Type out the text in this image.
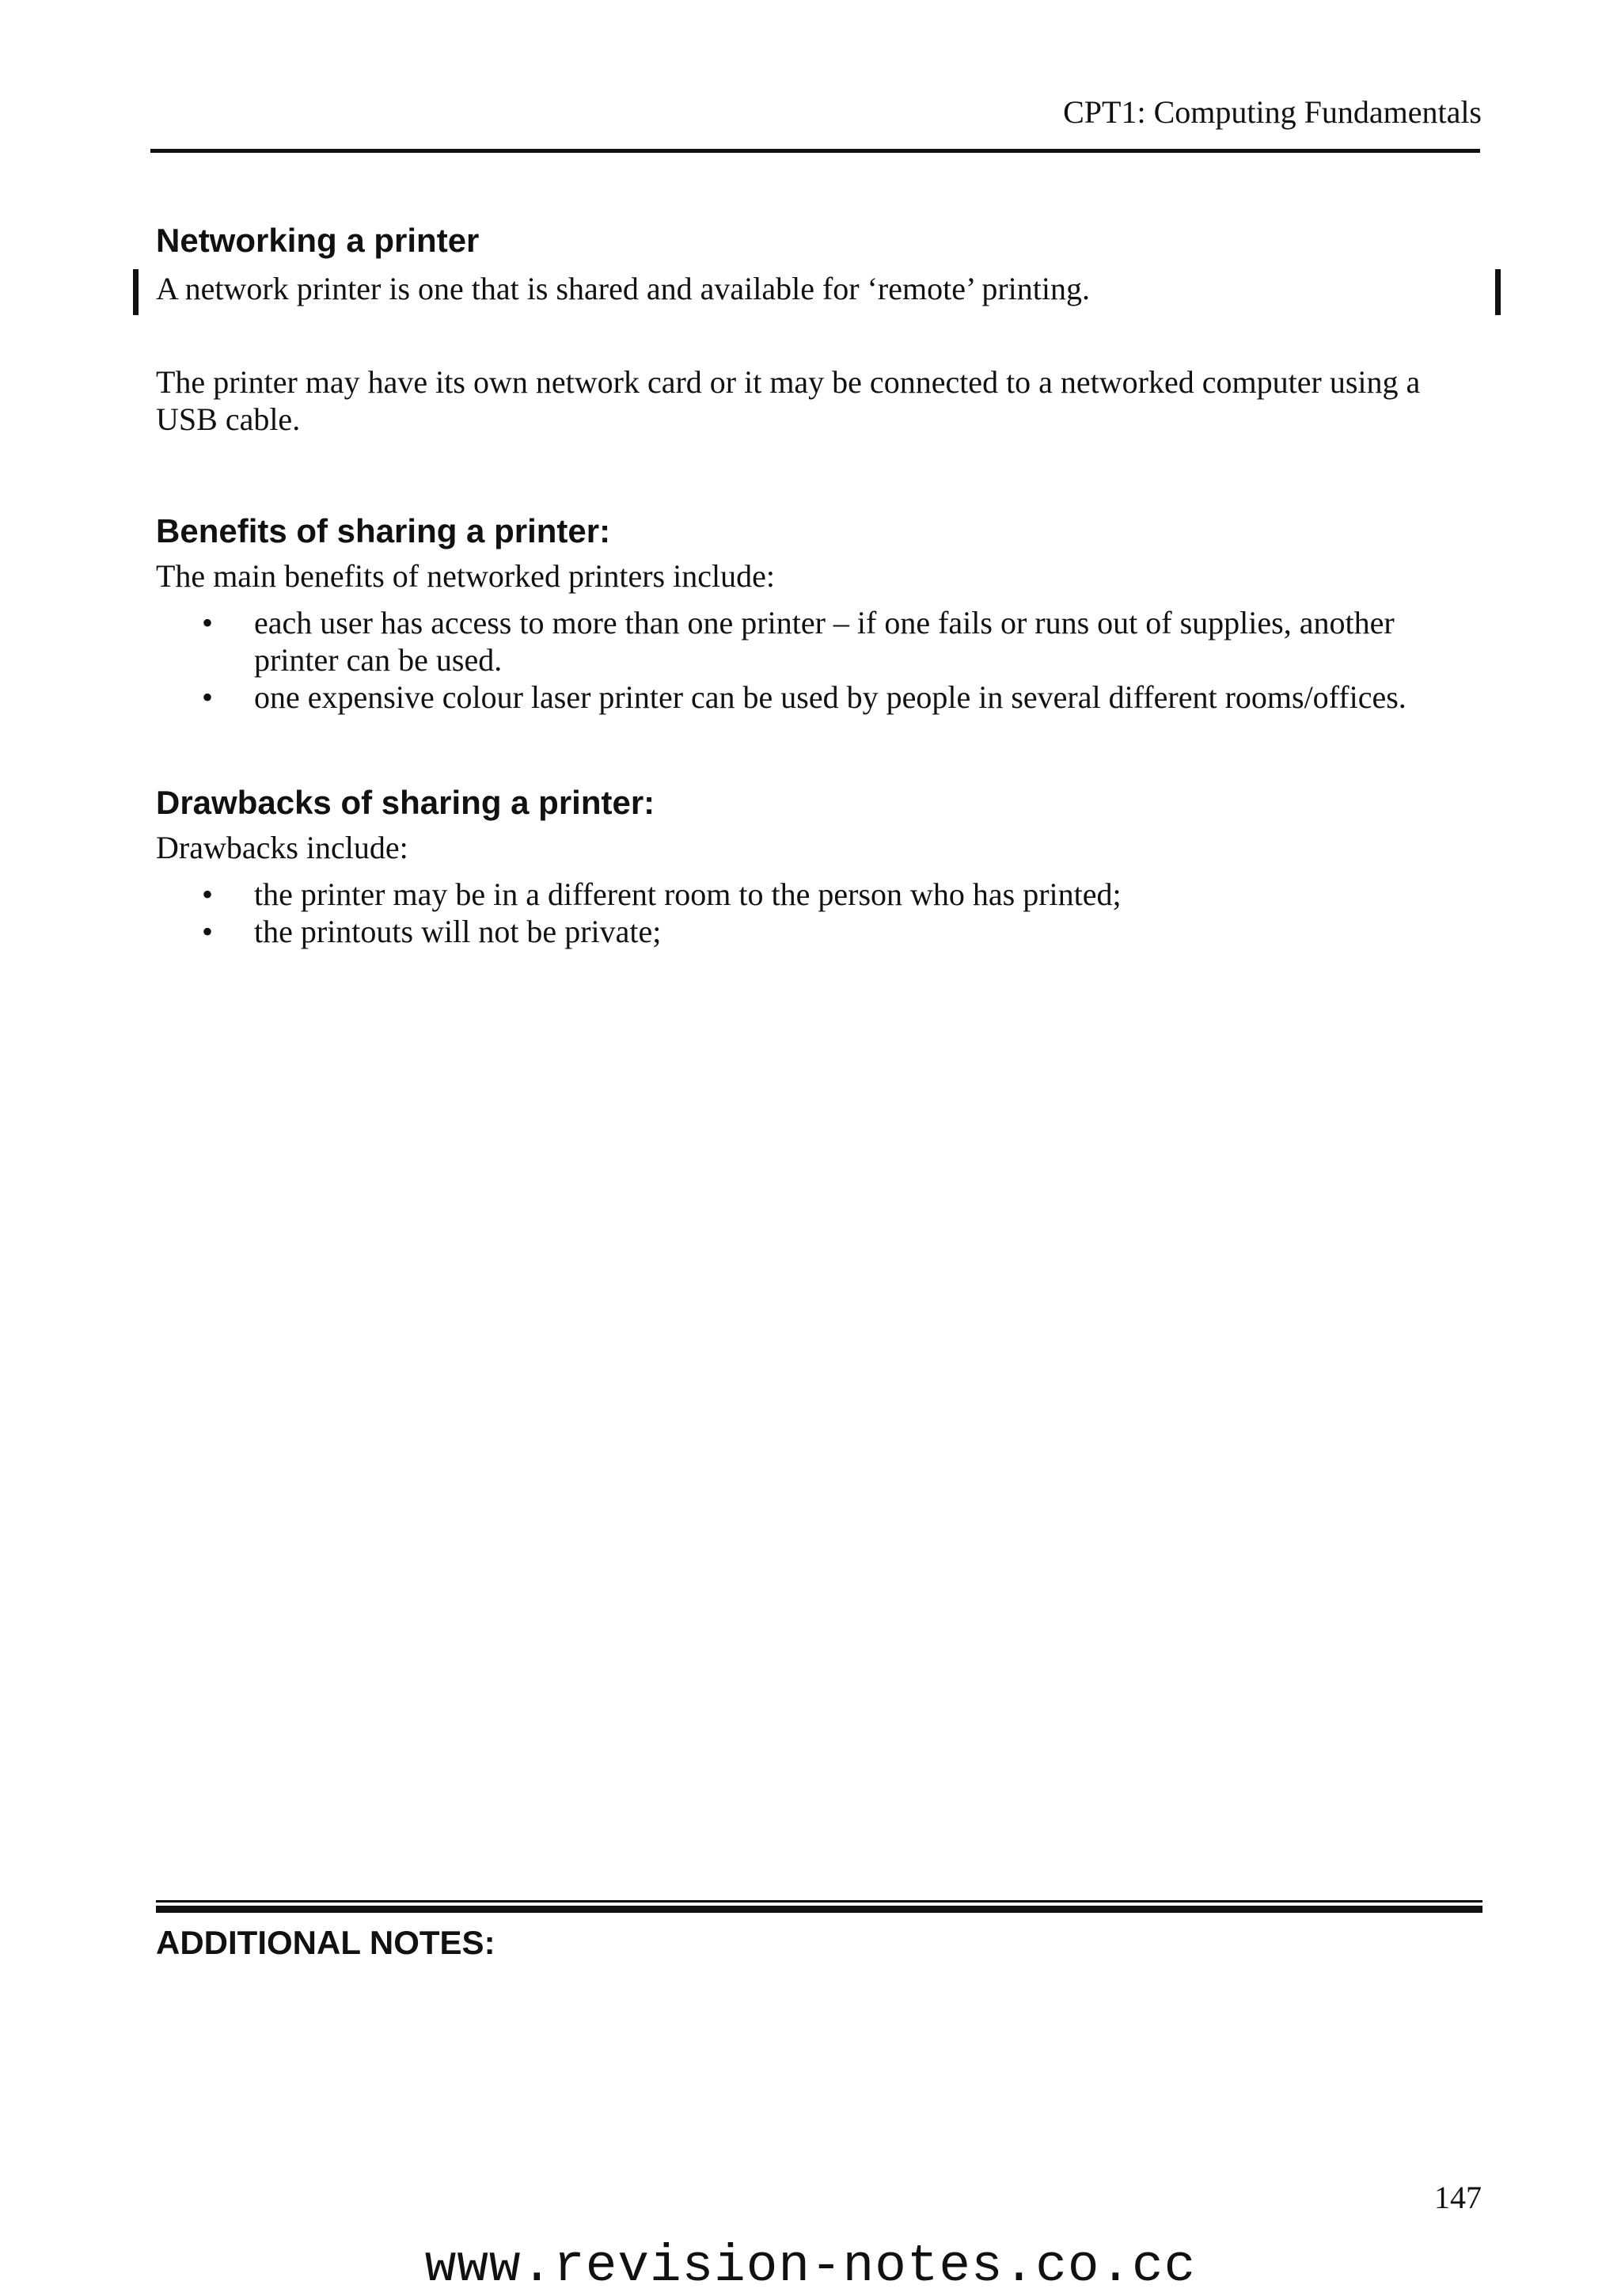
CPT1: Computing Fundamentals
Networking a printer
A network printer is one that is shared and available for ‘remote’ printing.
The printer may have its own network card or it may be connected to a networked computer using a
USB cable.
Benefits of sharing a printer:
The main benefits of networked printers include:
• each user has access to more than one printer – if one fails or runs out of supplies, another
printer can be used.
• one expensive colour laser printer can be used by people in several different rooms/offices.
Drawbacks of sharing a printer:
Drawbacks include:
• the printer may be in a different room to the person who has printed;
• the printouts will not be private;
ADDITIONAL NOTES:
147
www.revision-notes.co.cc
